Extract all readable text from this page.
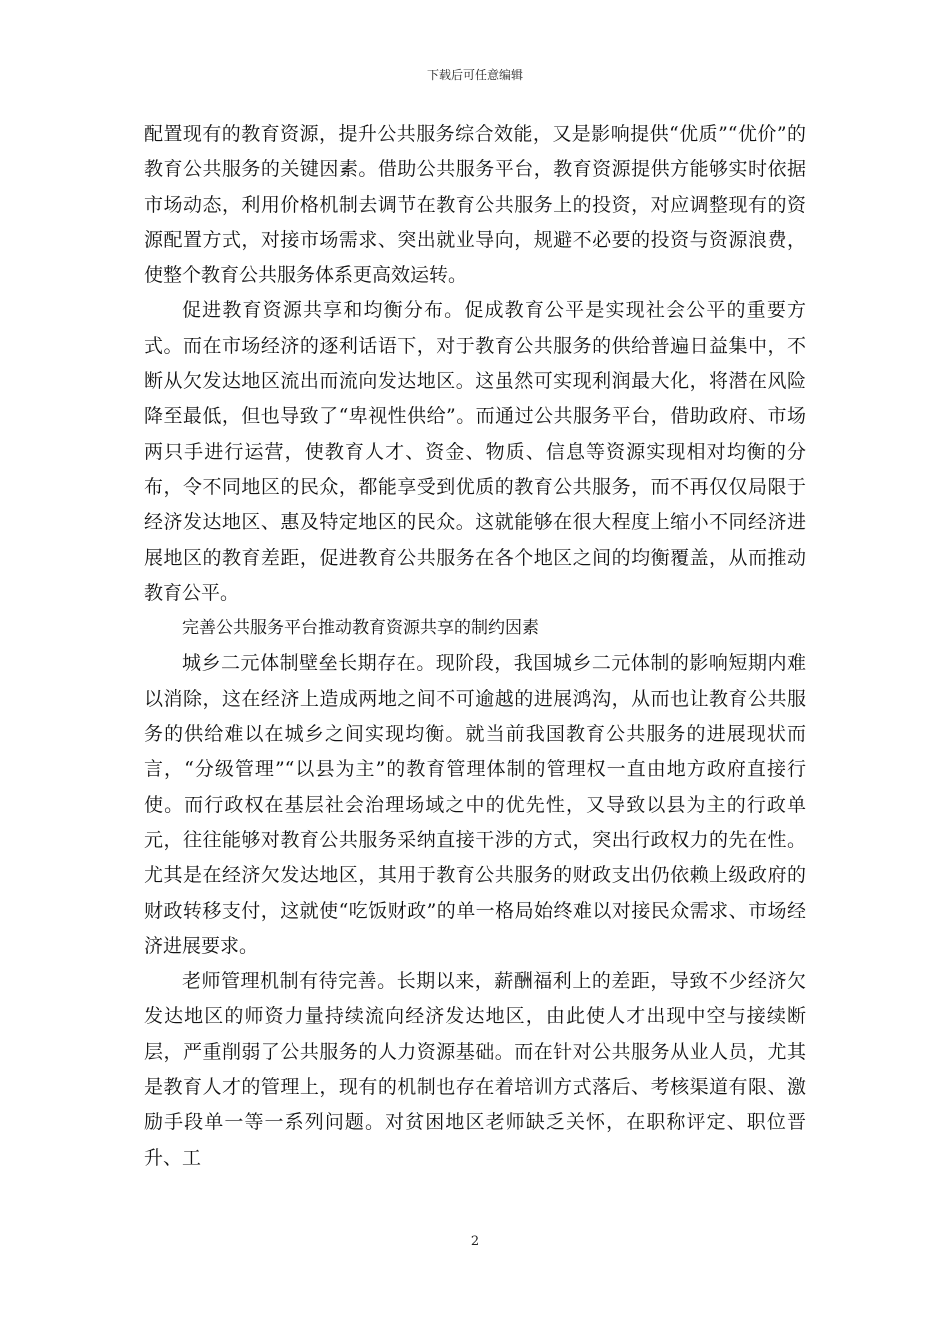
下载后可任意编辑

配置现有的教育资源，提升公共服务综合效能，又是影响提供“优质”“优价”的教育公共服务的关键因素。借助公共服务平台，教育资源提供方能够实时依据市场动态，利用价格机制去调节在教育公共服务上的投资，对应调整现有的资源配置方式，对接市场需求、突出就业导向，规避不必要的投资与资源浪费，使整个教育公共服务体系更高效运转。

促进教育资源共享和均衡分布。促成教育公平是实现社会公平的重要方式。而在市场经济的逐利话语下，对于教育公共服务的供给普遍日益集中，不断从欠发达地区流出而流向发达地区。这虽然可实现利润最大化，将潜在风险降至最低，但也导致了“卑视性供给”。而通过公共服务平台，借助政府、市场两只手进行运营，使教育人才、资金、物质、信息等资源实现相对均衡的分布，令不同地区的民众，都能享受到优质的教育公共服务，而不再仅仅局限于经济发达地区、惠及特定地区的民众。这就能够在很大程度上缩小不同经济进展地区的教育差距，促进教育公共服务在各个地区之间的均衡覆盖，从而推动教育公平。

完善公共服务平台推动教育资源共享的制约因素

城乡二元体制壁垒长期存在。现阶段，我国城乡二元体制的影响短期内难以消除，这在经济上造成两地之间不可逾越的进展鸿沟，从而也让教育公共服务的供给难以在城乡之间实现均衡。就当前我国教育公共服务的进展现状而言，“分级管理”“以县为主”的教育管理体制的管理权一直由地方政府直接行使。而行政权在基层社会治理场域之中的优先性，又导致以县为主的行政单元，往往能够对教育公共服务采纳直接干涉的方式，突出行政权力的先在性。尤其是在经济欠发达地区，其用于教育公共服务的财政支出仍依赖上级政府的财政转移支付，这就使“吃饭财政”的单一格局始终难以对接民众需求、市场经济进展要求。

老师管理机制有待完善。长期以来，薪酬福利上的差距，导致不少经济欠发达地区的师资力量持续流向经济发达地区，由此使人才出现中空与接续断层，严重削弱了公共服务的人力资源基础。而在针对公共服务从业人员，尤其是教育人才的管理上，现有的机制也存在着培训方式落后、考核渠道有限、激励手段单一等一系列问题。对贫困地区老师缺乏关怀，在职称评定、职位晋升、工

2
